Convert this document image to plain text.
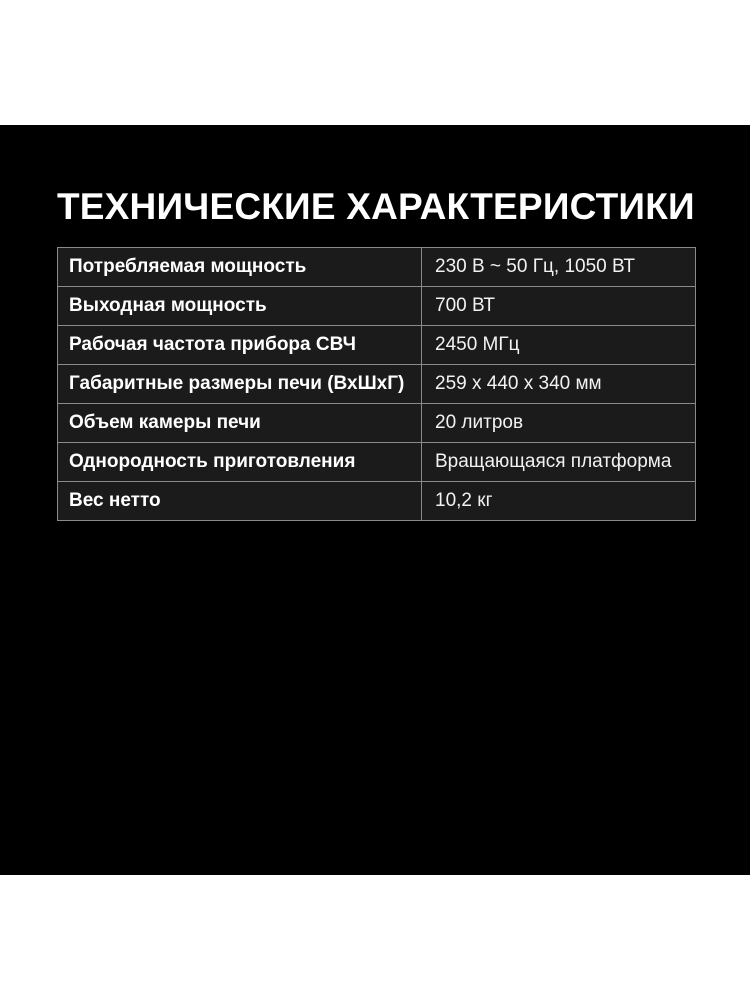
ТЕХНИЧЕСКИЕ ХАРАКТЕРИСТИКИ
Потребляемая мощность	230 В ~ 50 Гц, 1050 ВТ
Выходная мощность	700 ВТ
Рабочая частота прибора СВЧ	2450 МГц
Габаритные размеры печи (ВхШхГ)	259 х 440 х 340 мм
Объем камеры печи	20 литров
Однородность приготовления	Вращающаяся платформа
Вес нетто	10,2 кг
